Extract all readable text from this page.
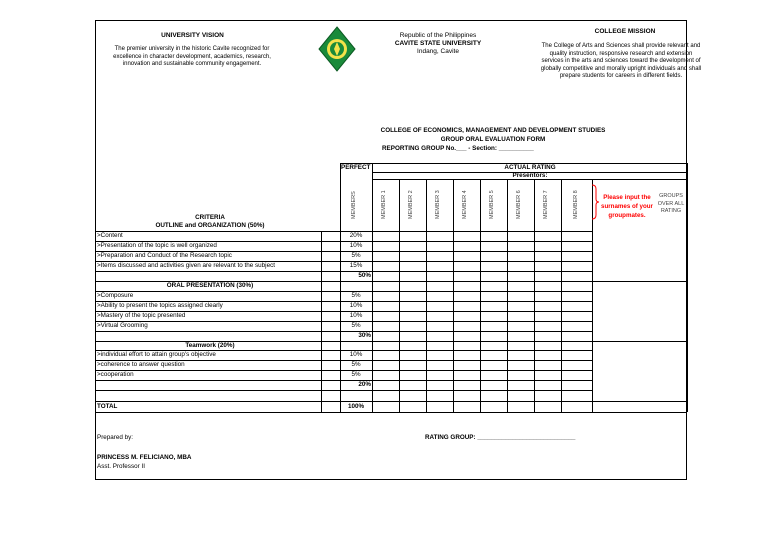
UNIVERSITY VISION
The premier university in the historic Cavite recognized for excellence in character development, academics, research, innovation and sustainable community engagement.
Republic of the Philippines
CAVITE STATE UNIVERSITY
Indang, Cavite
COLLEGE MISSION
The College of Arts and Sciences shall provide relevant and quality instruction, responsive research and extension services in the arts and sciences toward the development of globally competitive and morally upright individuals and shall prepare students for careers in different fields.
COLLEGE OF ECONOMICS, MANAGEMENT AND DEVELOPMENT STUDIES
GROUP ORAL EVALUATION FORM
REPORTING GROUP No.___ - Section: __________
PERFECT	ACTUAL RATING
Presentors:
MEMBERS	MEMBER 1	MEMBER 2	MEMBER 3	MEMBER 4	MEMBER 5	MEMBER 6	MEMBER 7	MEMBER 8	Please input the surnames of your groupmates.
GROUPS OVER ALL RATING
CRITERIA
OUTLINE and ORGANIZATION (50%)
>Content	20%
>Presentation of the topic is well organized	10%
>Preparation and Conduct of the Research topic	5%
>Items discussed and activities given are relevant to the subject	15%
50%
ORAL PRESENTATION (30%)
>Composure	5%
>Ability to present the topics assigned clearly	10%
>Mastery of the topic presented	10%
>Virtual Grooming	5%
30%
Teamwork (20%)
>individual effort to attain group's objective	10%
>coherence to answer question	5%
>cooperation	5%
20%
TOTAL	100%
Prepared by:	RATING GROUP: ____________________________
PRINCESS M. FELICIANO, MBA
Asst. Professor II
